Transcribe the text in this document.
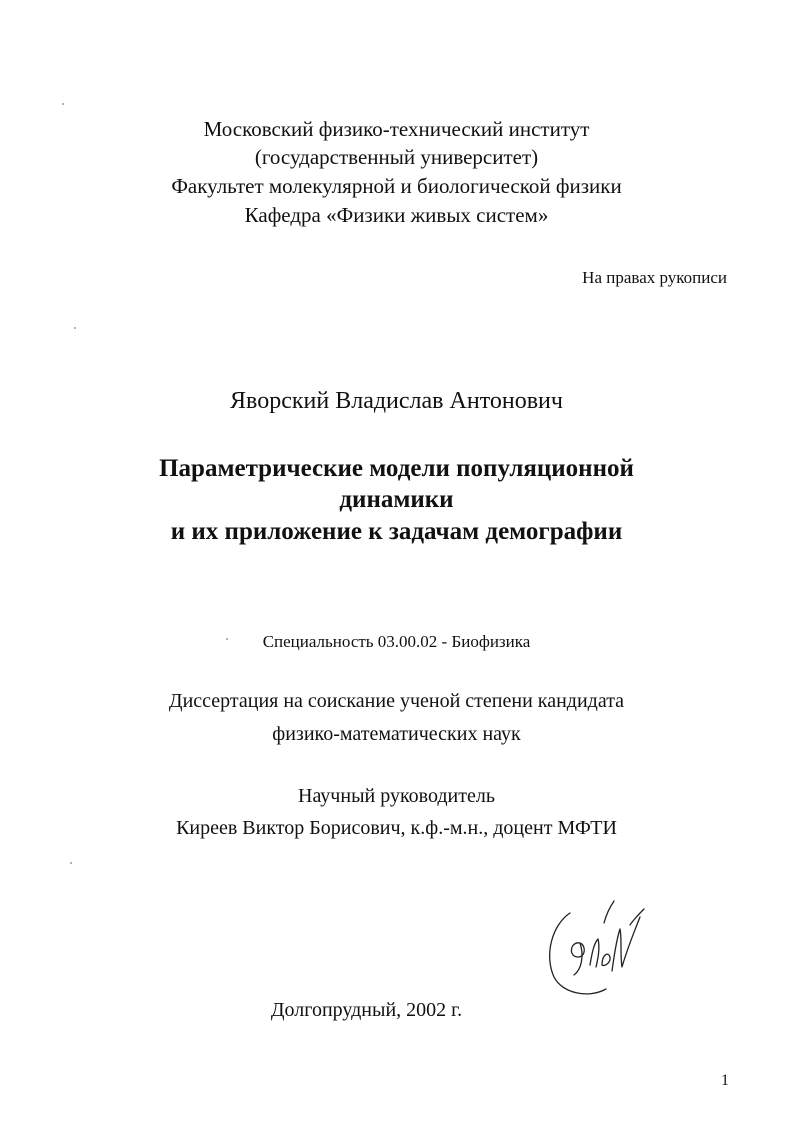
Московский физико-технический институт
(государственный университет)
Факультет молекулярной и биологической физики
Кафедра «Физики живых систем»
На правах рукописи
Яворский Владислав Антонович
Параметрические модели популяционной
динамики
и их приложение к задачам демографии
Специальность 03.00.02 - Биофизика
Диссертация на соискание ученой степени кандидата
физико-математических наук
Научный руководитель
Киреев Виктор Борисович, к.ф.-м.н., доцент МФТИ
Долгопрудный, 2002 г.
1
